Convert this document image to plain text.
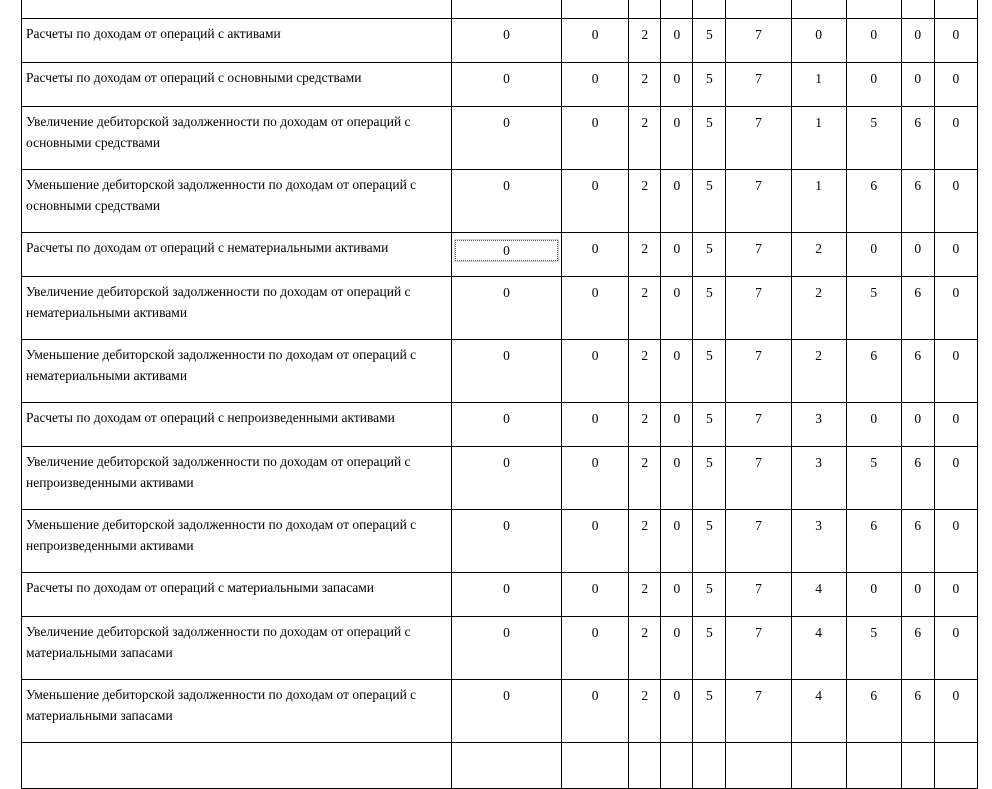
Расчеты по доходам от операций с активами	0	0	2	0	5	7	0	0	0	0
Расчеты по доходам от операций с основными средствами	0	0	2	0	5	7	1	0	0	0
Увеличение дебиторской задолженности по доходам от операций с основными средствами	0	0	2	0	5	7	1	5	6	0
Уменьшение дебиторской задолженности по доходам от операций с основными средствами	0	0	2	0	5	7	1	6	6	0
Расчеты по доходам от операций с нематериальными активами	0	0	2	0	5	7	2	0	0	0
Увеличение дебиторской задолженности по доходам от операций с нематериальными активами	0	0	2	0	5	7	2	5	6	0
Уменьшение дебиторской задолженности по доходам от операций с нематериальными активами	0	0	2	0	5	7	2	6	6	0
Расчеты по доходам от операций с непроизведенными активами	0	0	2	0	5	7	3	0	0	0
Увеличение дебиторской задолженности по доходам от операций с непроизведенными активами	0	0	2	0	5	7	3	5	6	0
Уменьшение дебиторской задолженности по доходам от операций с непроизведенными активами	0	0	2	0	5	7	3	6	6	0
Расчеты по доходам от операций с материальными запасами	0	0	2	0	5	7	4	0	0	0
Увеличение дебиторской задолженности по доходам от операций с материальными запасами	0	0	2	0	5	7	4	5	6	0
Уменьшение дебиторской задолженности по доходам от операций с материальными запасами	0	0	2	0	5	7	4	6	6	0
